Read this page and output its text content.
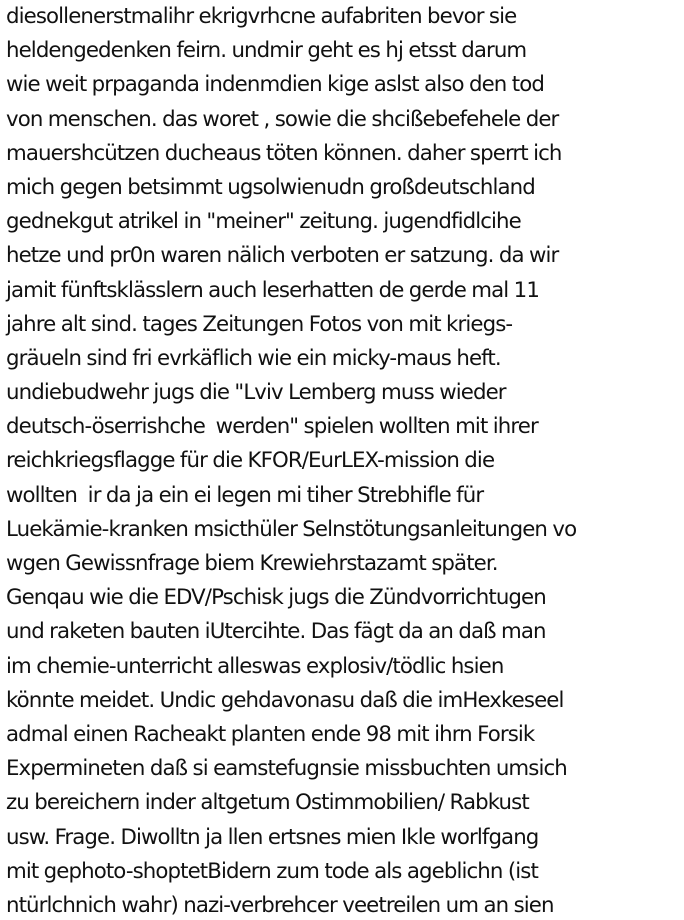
diesollenerstmalihr ekrigvrhcne aufabriten bevor sie
heldengedenken feirn. undmir geht es hj etsst darum
wie weit prpaganda indenmdien kige aslst also den tod
von menschen. das woret , sowie die shcißebefehele der
mauershcützen ducheaus töten können. daher sperrt ich
mich gegen betsimmt ugsolwienudn großdeutschland
gednekgut atrikel in "meiner" zeitung. jugendfidlcihe
hetze und pr0n waren nälich verboten er satzung. da wir
jamit fünftsklässlern auch leserhatten de gerde mal 11
jahre alt sind. tages Zeitungen Fotos von mit kriegs-
gräueln sind fri evrkäflich wie ein micky-maus heft.
undiebudwehr jugs die "Lviv Lemberg muss wieder
deutsch-öserrishche  werden" spielen wollten mit ihrer
reichkriegsflagge für die KFOR/EurLEX-mission die
wollten  ir da ja ein ei legen mi tiher Strebhifle für
Luekämie-kranken msicthüler Selnstötungsanleitungen vo
wgen Gewissnfrage biem Krewiehrstazamt später.
Genqau wie die EDV/Pschisk jugs die Zündvorrichtugen
und raketen bauten iUtercihte. Das fägt da an daß man
im chemie-unterricht alleswas explosiv/tödlic hsien
könnte meidet. Undic gehdavonasu daß die imHexkeseel
admal einen Racheakt planten ende 98 mit ihrn Forsik
Expermineten daß si eamstefugnsie missbuchten umsich
zu bereichern inder altgetum Ostimmobilien/ Rabkust
usw. Frage. Diwolltn ja llen ertsnes mien Ikle worlfgang
mit gephoto-shoptetBidern zum tode als ageblichn (ist
ntürlchnich wahr) nazi-verbrehcer veetreilen um an sien
